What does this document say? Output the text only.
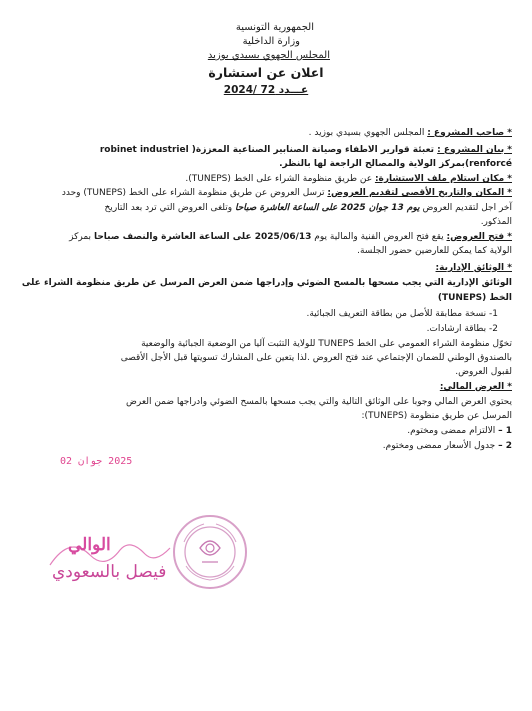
الجمهورية التونسية
وزارة الداخلية
المجلس الجهوي بسيدي بوزيد
اعلان عن استشارة
عـــدد 72 /2024
* صاحب المشروع : المجلس الجهوي بسيدي بوزيد .
* بيان المشروع : تعبئة قوارير الاطفاء وصيانة الصنابير الصناعية المعززة( robinet industriel
renforcé)بمركز الولاية والمصالح الراجعة لها بالنظر.
* مكان استلام ملف الاستشارة: عن طريق منظومة الشراء على الخط (TUNEPS).
* المكان والتاريخ الأقصى لتقديم العروض: ترسل العروض عن طريق منظومة الشراء على الخط (TUNEPS) وحدد
آخر اجل لتقديم العروض يوم 13 جوان 2025 على الساعة العاشرة صباحا وتلغى العروض التي ترد بعد التاريخ
المذكور.
* فتح العروض: يقع فتح العروض الفنية والمالية يوم 2025/06/13 على الساعة العاشرة والنصف صباحا بمركز
الولاية كما يمكن للعارضين حضور الجلسة.
* الوثائق الإدارية:
الوثائق الإدارية التي يجب مسحها بالمسح الضوئي وإدراجها ضمن العرض المرسل عن طريق منظومة الشراء على
الخط (TUNEPS)
1- نسخة مطابقة للأصل من بطاقة التعريف الجبائية.
2- بطاقة ارشادات.
تخوّل منظومة الشراء العمومي على الخط TUNEPS للولاية التثبت آليا من الوضعية الجبائية والوضعية
بالصندوق الوطني للضمان الإجتماعي عند فتح العروض .لذا يتعين على المشارك تسويتها قبل الأجل الأقصى
لقبول العروض.
* العرض المالي:
يحتوي العرض المالي وجوبا على الوثائق التالية والتي يجب مسحها بالمسح الضوئي وادراجها ضمن العرض
المرسل عن طريق منظومة (TUNEPS):
1 – الالتزام ممضى ومختوم.
2 – جدول الأسعار ممضى ومختوم.
2025 جوان 02
الوالي
فيصل بالسعودي
